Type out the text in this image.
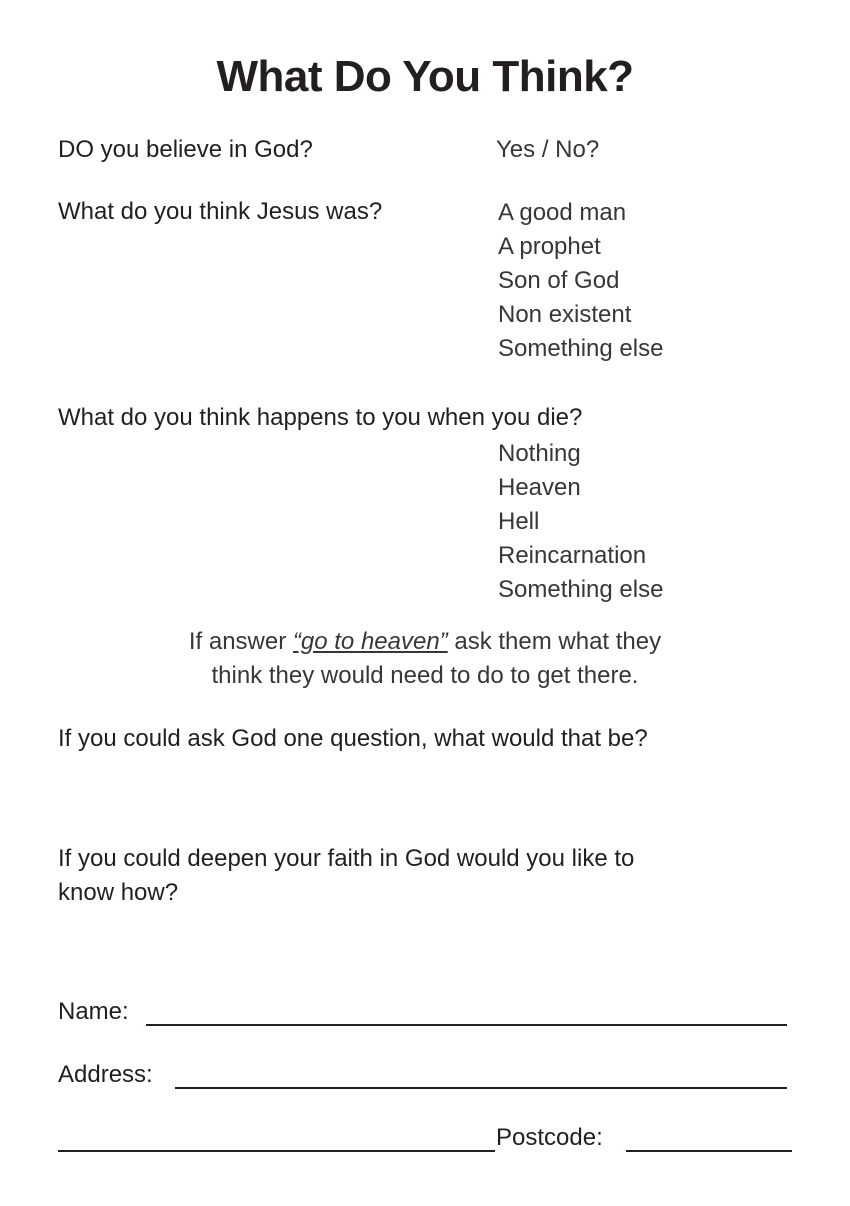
What Do You Think?
DO you believe in God?	Yes / No?
What do you think Jesus was?	A good man
A prophet
Son of God
Non existent
Something else
What do you think happens to you when you die?
Nothing
Heaven
Hell
Reincarnation
Something else
If answer “go to heaven” ask them what they
think they would need to do to get there.
If you could ask God one question, what would that be?
If you could deepen your faith in God would you like to
know how?
Name:
Address:
Postcode:
